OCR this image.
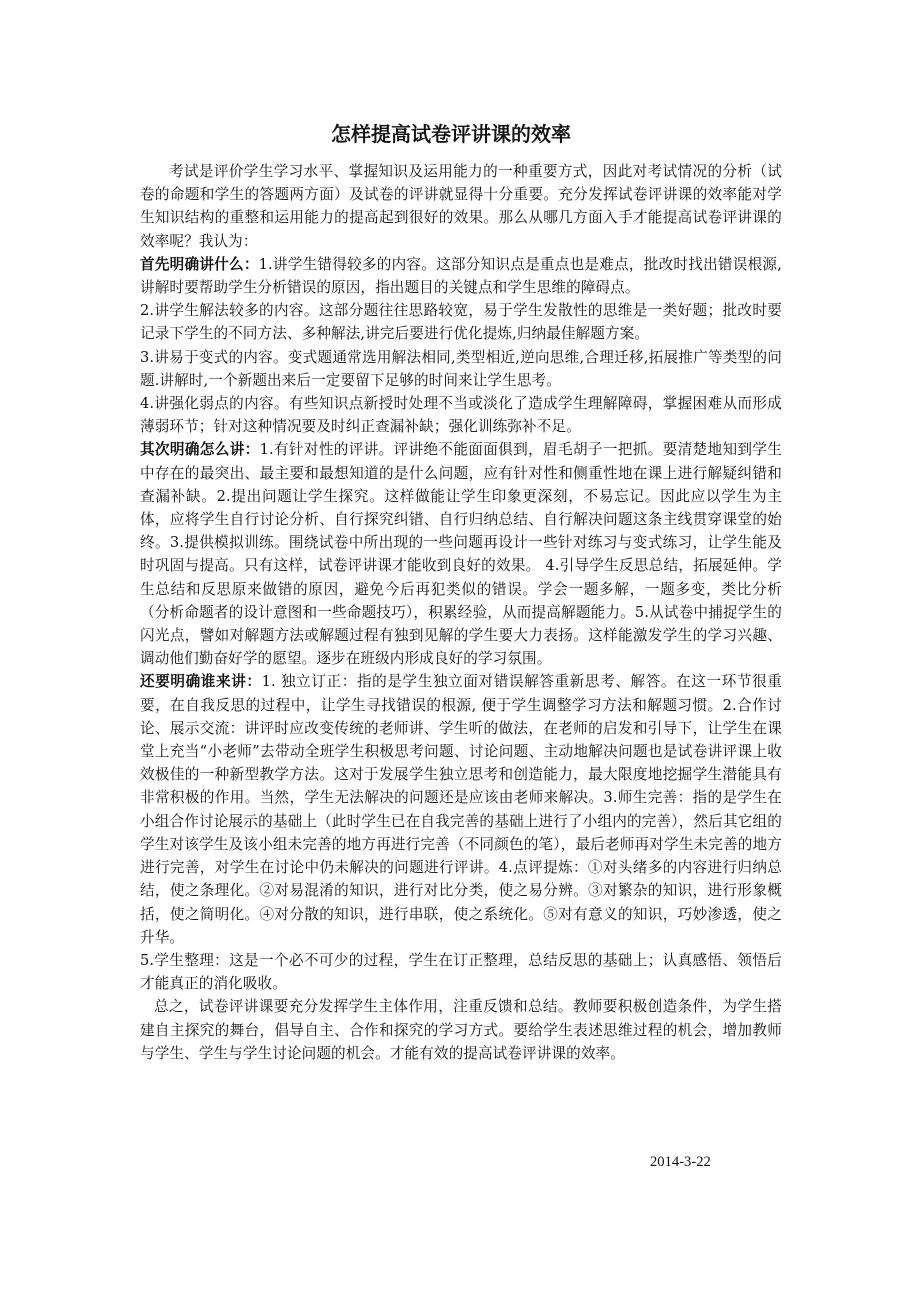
怎样提高试卷评讲课的效率

考试是评价学生学习水平、掌握知识及运用能力的一种重要方式，因此对考试情况的分析（试卷的命题和学生的答题两方面）及试卷的评讲就显得十分重要。充分发挥试卷评讲课的效率能对学生知识结构的重整和运用能力的提高起到很好的效果。那么从哪几方面入手才能提高试卷评讲课的效率呢？我认为：

首先明确讲什么：1.讲学生错得较多的内容。这部分知识点是重点也是难点，批改时找出错误根源,讲解时要帮助学生分析错误的原因，指出题目的关键点和学生思维的障碍点。

2.讲学生解法较多的内容。这部分题往往思路较宽，易于学生发散性的思维是一类好题；批改时要记录下学生的不同方法、多种解法,讲完后要进行优化提炼,归纳最佳解题方案。

3.讲易于变式的内容。变式题通常选用解法相同,类型相近,逆向思维,合理迁移,拓展推广等类型的问题.讲解时,一个新题出来后一定要留下足够的时间来让学生思考。

4.讲强化弱点的内容。有些知识点新授时处理不当或淡化了造成学生理解障碍，掌握困难从而形成薄弱环节；针对这种情况要及时纠正查漏补缺；强化训练弥补不足。

其次明确怎么讲：1.有针对性的评讲。评讲绝不能面面俱到，眉毛胡子一把抓。要清楚地知到学生中存在的最突出、最主要和最想知道的是什么问题，应有针对性和侧重性地在课上进行解疑纠错和查漏补缺。2.提出问题让学生探究。这样做能让学生印象更深刻，不易忘记。因此应以学生为主体，应将学生自行讨论分析、自行探究纠错、自行归纳总结、自行解决问题这条主线贯穿课堂的始终。3.提供模拟训练。围绕试卷中所出现的一些问题再设计一些针对练习与变式练习，让学生能及时巩固与提高。只有这样，试卷评讲课才能收到良好的效果。 4.引导学生反思总结，拓展延伸。学生总结和反思原来做错的原因，避免今后再犯类似的错误。学会一题多解，一题多变，类比分析（分析命题者的设计意图和一些命题技巧），积累经验，从而提高解题能力。5.从试卷中捕捉学生的闪光点，譬如对解题方法或解题过程有独到见解的学生要大力表扬。这样能激发学生的学习兴趣、调动他们勤奋好学的愿望。逐步在班级内形成良好的学习氛围。

还要明确谁来讲：1. 独立订正：指的是学生独立面对错误解答重新思考、解答。在这一环节很重要，在自我反思的过程中，让学生寻找错误的根源, 便于学生调整学习方法和解题习惯。2.合作讨论、展示交流：讲评时应改变传统的老师讲、学生听的做法，在老师的启发和引导下，让学生在课堂上充当“小老师”去带动全班学生积极思考问题、讨论问题、主动地解决问题也是试卷讲评课上收效极佳的一种新型教学方法。这对于发展学生独立思考和创造能力，最大限度地挖掘学生潜能具有非常积极的作用。当然，学生无法解决的问题还是应该由老师来解决。3.师生完善：指的是学生在小组合作讨论展示的基础上（此时学生已在自我完善的基础上进行了小组内的完善），然后其它组的学生对该学生及该小组未完善的地方再进行完善（不同颜色的笔），最后老师再对学生未完善的地方进行完善，对学生在讨论中仍未解决的问题进行评讲。4.点评提炼：①对头绪多的内容进行归纳总结，使之条理化。②对易混淆的知识，进行对比分类，使之易分辨。③对繁杂的知识，进行形象概括，使之简明化。④对分散的知识，进行串联，使之系统化。⑤对有意义的知识，巧妙渗透，使之升华。

5.学生整理：这是一个必不可少的过程，学生在订正整理，总结反思的基础上；认真感悟、领悟后才能真正的消化吸收。

总之，试卷评讲课要充分发挥学生主体作用，注重反馈和总结。教师要积极创造条件，为学生搭建自主探究的舞台，倡导自主、合作和探究的学习方式。要给学生表述思维过程的机会，增加教师与学生、学生与学生讨论问题的机会。才能有效的提高试卷评讲课的效率。

2014-3-22
